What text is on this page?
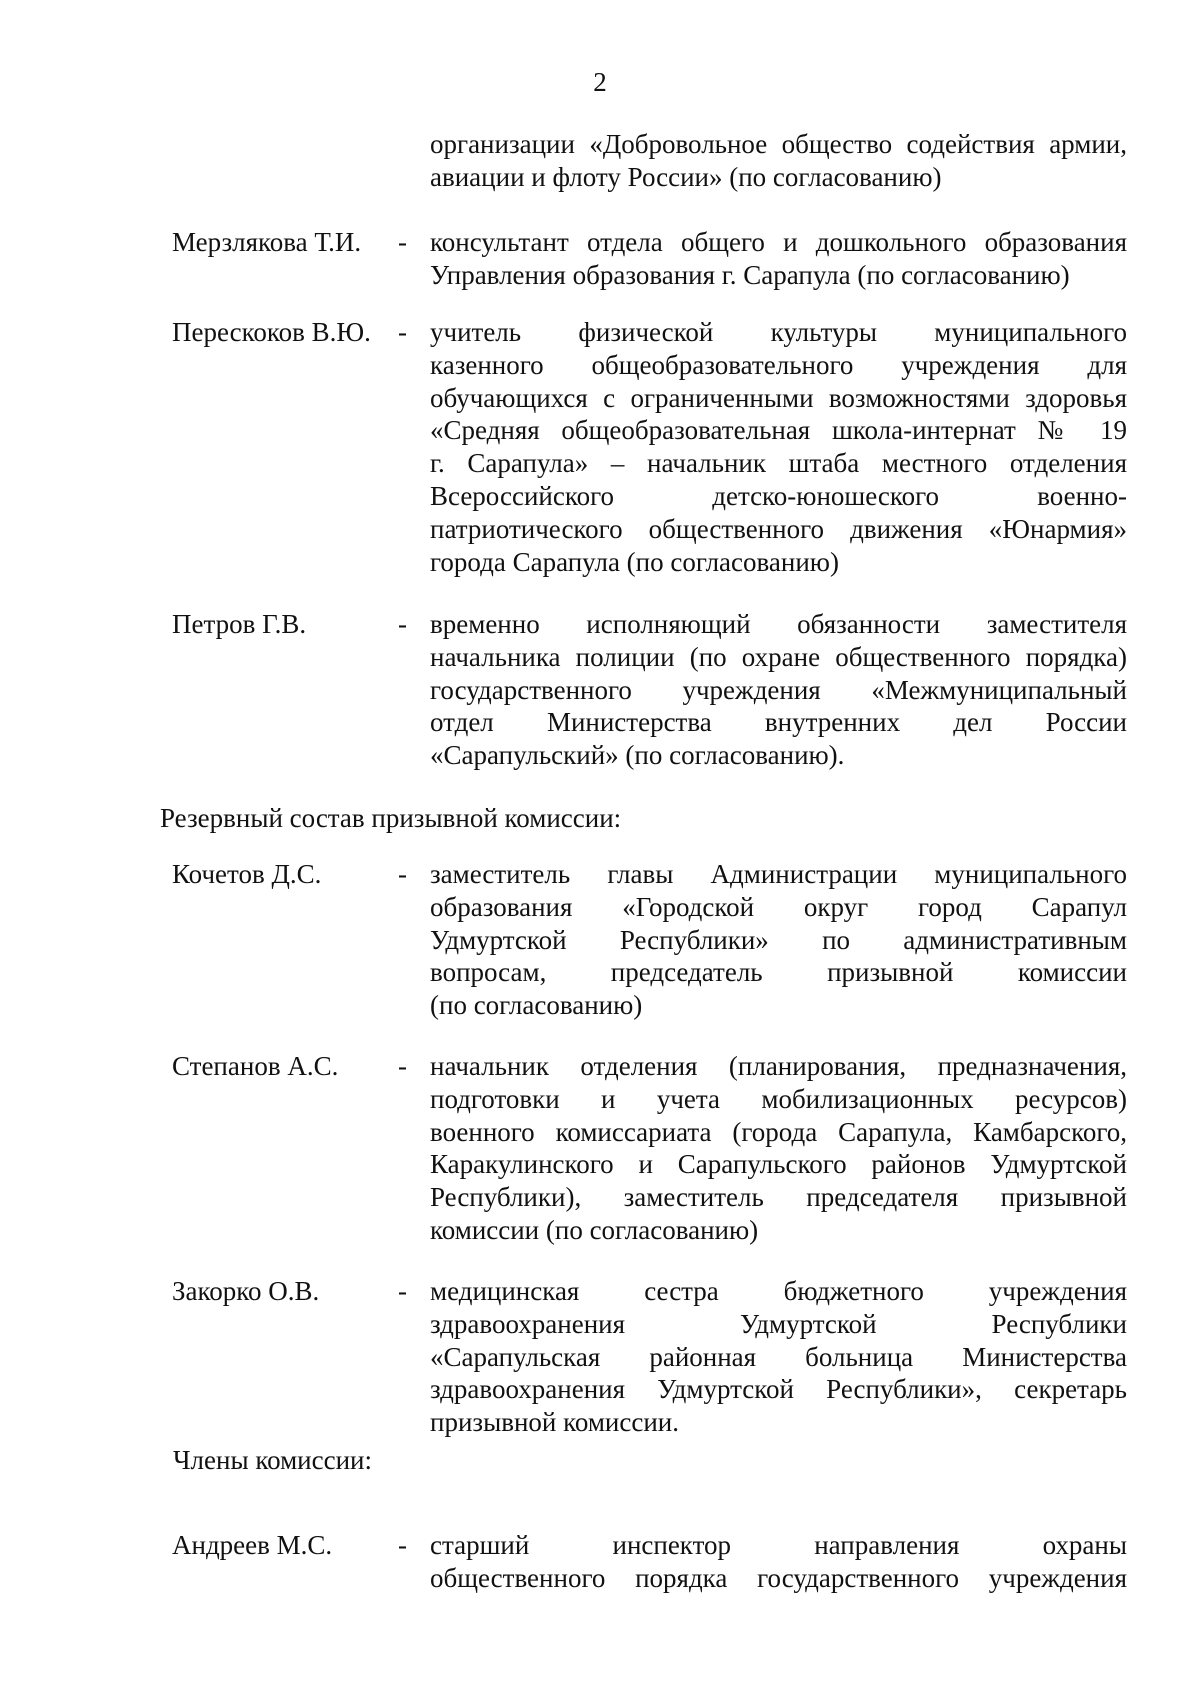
2
организации «Добровольное общество содействия армии,
авиации и флоту России» (по согласованию)
Мерзлякова Т.И. - консультант отдела общего и дошкольного образования
Управления образования г. Сарапула (по согласованию)
Перескоков В.Ю. - учитель физической культуры муниципального
казенного общеобразовательного учреждения для
обучающихся с ограниченными возможностями здоровья
«Средняя общеобразовательная школа-интернат № 19
г. Сарапула» – начальник штаба местного отделения
Всероссийского детско-юношеского военно-
патриотического общественного движения «Юнармия»
города Сарапула (по согласованию)
Петров Г.В.	- временно исполняющий обязанности заместителя
начальника полиции (по охране общественного порядка)
государственного учреждения «Межмуниципальный
отдел Министерства внутренних дел России
«Сарапульский» (по согласованию).
Резервный состав призывной комиссии:
Кочетов Д.С.	- заместитель главы Администрации муниципального
образования «Городской округ город Сарапул
Удмуртской Республики» по административным
вопросам, председатель призывной комиссии
(по согласованию)
Степанов А.С. - начальник отделения (планирования, предназначения,
подготовки и учета мобилизационных ресурсов)
военного комиссариата (города Сарапула, Камбарского,
Каракулинского и Сарапульского районов Удмуртской
Республики), заместитель председателя призывной
комиссии (по согласованию)
Закорко О.В.	- медицинская сестра бюджетного учреждения
здравоохранения Удмуртской Республики
«Сарапульская районная больница Министерства
здравоохранения Удмуртской Республики», секретарь
призывной комиссии.
Члены комиссии:
Андреев М.С. - старший инспектор направления охраны
общественного порядка государственного учреждения
